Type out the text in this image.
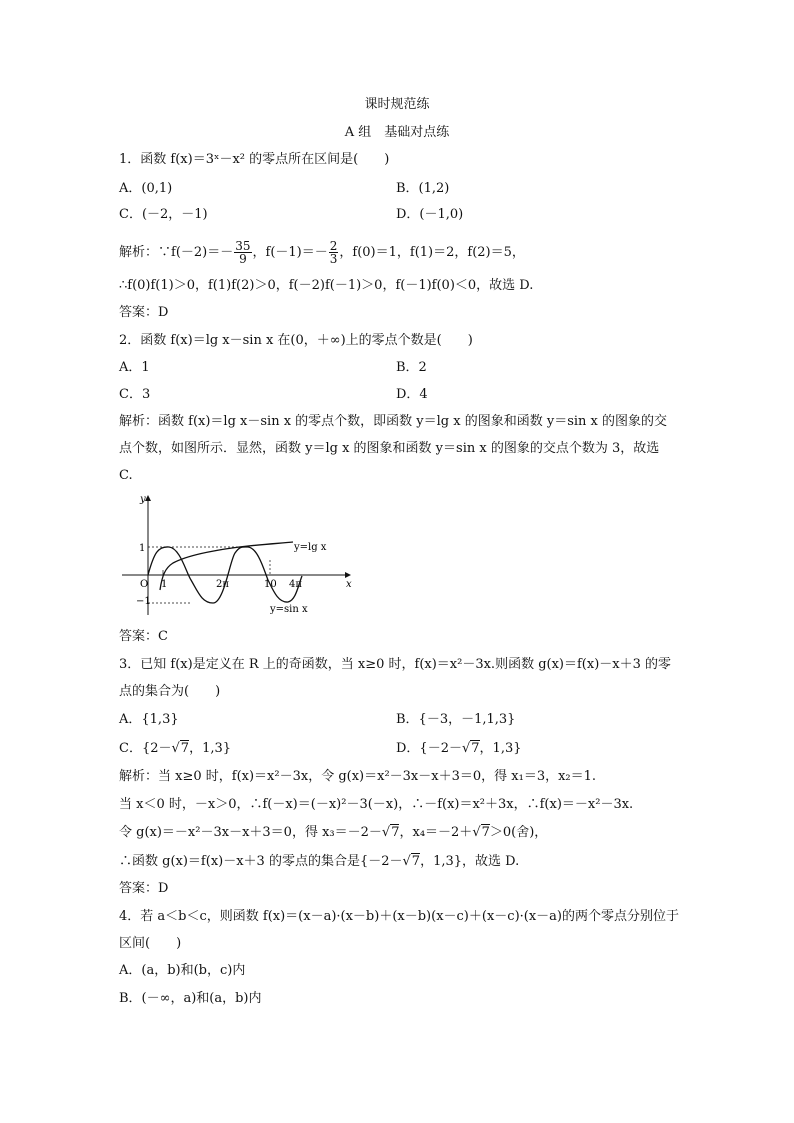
课时规范练
A 组　基础对点练
1．函数 f(x)＝3ˣ－x² 的零点所在区间是(　　)
A．(0,1)	B．(1,2)
C．(－2，－1)	D．(－1,0)
解析：∵f(－2)＝－ $\frac{35}{9}$ ，$f(-1)=- \frac{2}{3}$ ，f(0)＝1，f(1)＝2，f(2)＝5，
∴f(0)f(1)＞0，f(1)f(2)＞0，f(－2)f(－1)＞0，f(－1)f(0)＜0，故选 D.
答案：D
2．函数 f(x)＝lg x－sin x 在(0，＋∞)上的零点个数是(　　)
A．1	B．2
C．3	D．4
解析：函数 f(x)＝lg x－sin x 的零点个数，即函数 y＝lg x 的图象和函数 y＝sin x 的图象的交
点个数，如图所示．显然，函数 y＝lg x 的图象和函数 y＝sin x 的图象的交点个数为 3，故选
C.
y
x
O
1
−1
1	2π	10 4π
y=lg x
y=sin x
答案：C
3．已知 f(x)是定义在 R 上的奇函数，当 x≥0 时，f(x)＝x²－3x.则函数 g(x)＝f(x)－x＋3 的零
点的集合为(　　)
A．{1,3}	B．{－3，－1,1,3}
C．{2－√7，1,3}	D．{－2－√7，1,3}
解析：当 x≥0 时，f(x)＝x²－3x，令 g(x)＝x²－3x－x＋3＝0，得 x₁＝3，x₂＝1.
当 x＜0 时，－x＞0，∴f(－x)＝(－x)²－3(－x)，∴－f(x)＝x²＋3x，∴f(x)＝－x²－3x.
令 g(x)＝－x²－3x－x＋3＝0，得 x₃＝－2－√7，x₄＝－2＋√7＞0(舍)，
∴函数 g(x)＝f(x)－x＋3 的零点的集合是{－2－√7，1,3}，故选 D.
答案：D
4．若 a＜b＜c，则函数 f(x)＝(x－a)·(x－b)＋(x－b)(x－c)＋(x－c)·(x－a)的两个零点分别位于
区间(　　)
A．(a，b)和(b，c)内
B．(－∞，a)和(a，b)内
